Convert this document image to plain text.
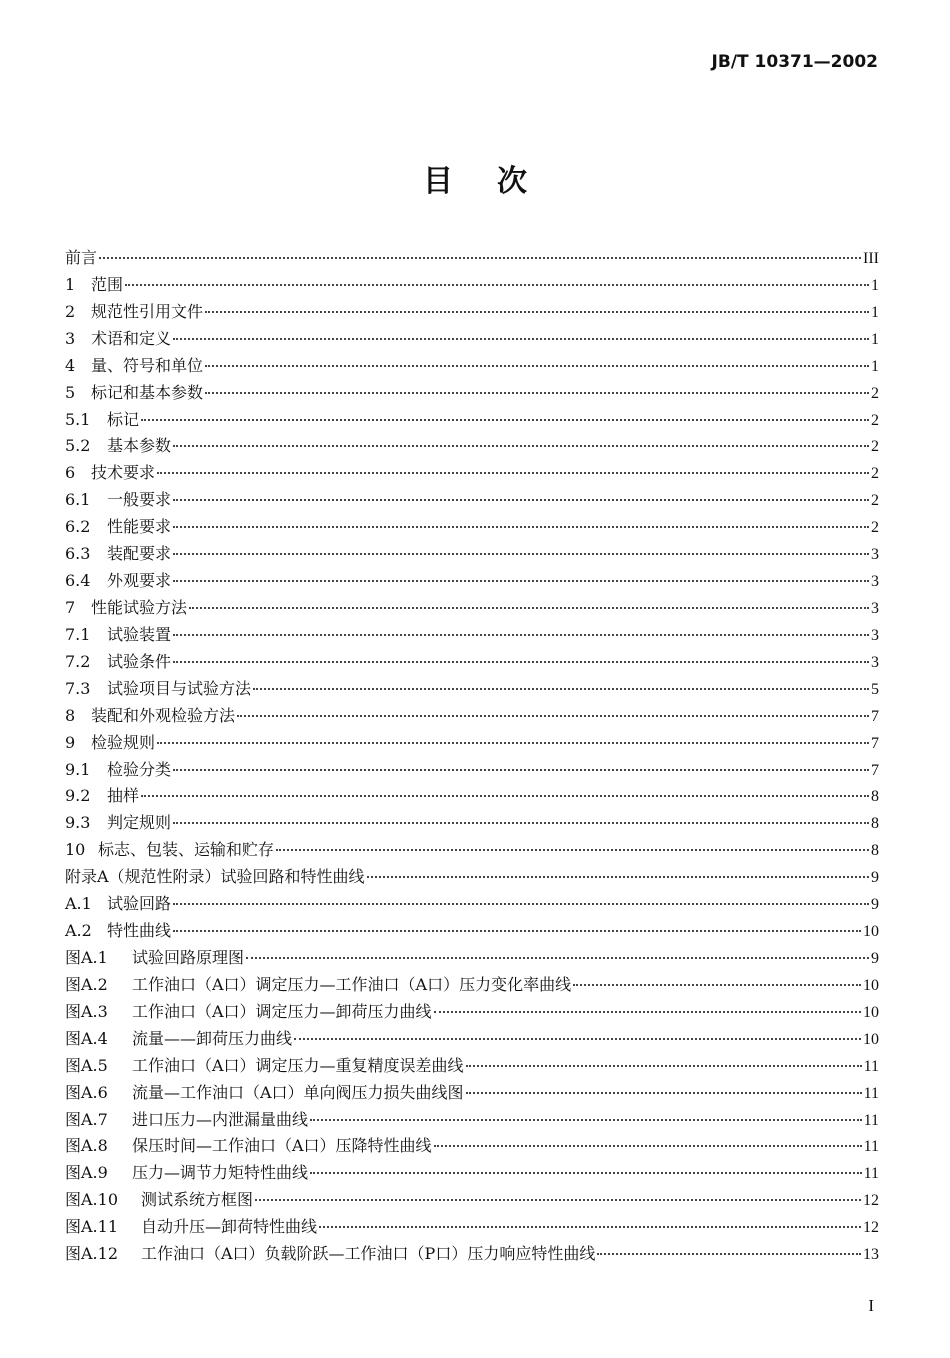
JB/T 10371—2002
目次
前言	III
1 范围	1
2 规范性引用文件	1
3 术语和定义	1
4 量、符号和单位	1
5 标记和基本参数	2
5.1	标记	2
5.2	基本参数	2
6 技术要求	2
6.1	一般要求	2
6.2	性能要求	2
6.3	装配要求	3
6.4	外观要求	3
7 性能试验方法	3
7.1	试验装置	3
7.2	试验条件	3
7.3	试验项目与试验方法	5
8 装配和外观检验方法	7
9 检验规则	7
9.1	检验分类	7
9.2	抽样	8
9.3	判定规则	8
10 标志、包装、运输和贮存	8
附录A（规范性附录）试验回路和特性曲线	9
A.1 试验回路	9
A.2 特性曲线	10
图A.1	试验回路原理图	9
图A.2	工作油口（A口）调定压力—工作油口（A口）压力变化率曲线	10
图A.3	工作油口（A口）调定压力—卸荷压力曲线	10
图A.4	流量——卸荷压力曲线	10
图A.5	工作油口（A口）调定压力—重复精度误差曲线	11
图A.6	流量—工作油口（A口）单向阀压力损失曲线图	11
图A.7	进口压力—内泄漏量曲线	11
图A.8	保压时间—工作油口（A口）压降特性曲线	11
图A.9	压力—调节力矩特性曲线	11
图A.10	测试系统方框图	12
图A.11	自动升压—卸荷特性曲线	12
图A.12	工作油口（A口）负载阶跃—工作油口（P口）压力响应特性曲线	13
I
